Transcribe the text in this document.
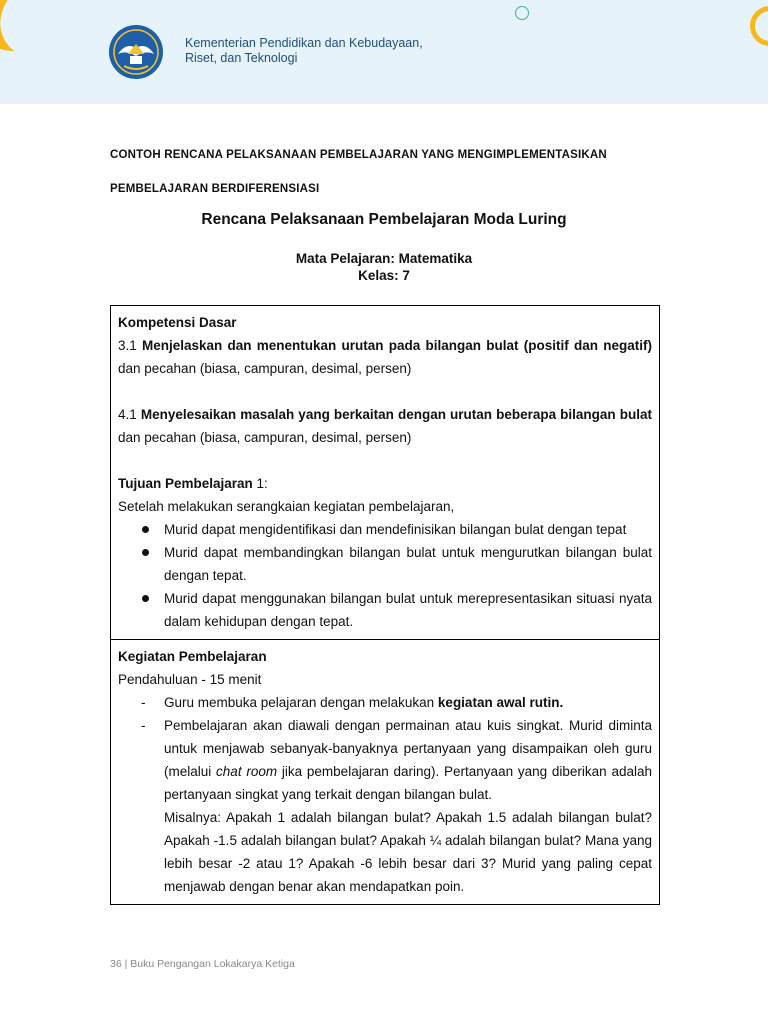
Kementerian Pendidikan dan Kebudayaan,
Riset, dan Teknologi
CONTOH RENCANA PELAKSANAAN PEMBELAJARAN YANG MENGIMPLEMENTASIKAN
PEMBELAJARAN BERDIFERENSIASI
Rencana Pelaksanaan Pembelajaran Moda Luring
Mata Pelajaran: Matematika
Kelas: 7
Kompetensi Dasar
3.1 Menjelaskan dan menentukan urutan pada bilangan bulat (positif dan negatif) dan pecahan (biasa, campuran, desimal, persen)
4.1 Menyelesaikan masalah yang berkaitan dengan urutan beberapa bilangan bulat dan pecahan (biasa, campuran, desimal, persen)
Tujuan Pembelajaran 1:
Setelah melakukan serangkaian kegiatan pembelajaran,
Murid dapat mengidentifikasi dan mendefinisikan bilangan bulat dengan tepat
Murid dapat membandingkan bilangan bulat untuk mengurutkan bilangan bulat dengan tepat.
Murid dapat menggunakan bilangan bulat untuk merepresentasikan situasi nyata dalam kehidupan dengan tepat.
Kegiatan Pembelajaran
Pendahuluan - 15 menit
- Guru membuka pelajaran dengan melakukan kegiatan awal rutin.
- Pembelajaran akan diawali dengan permainan atau kuis singkat. Murid diminta untuk menjawab sebanyak-banyaknya pertanyaan yang disampaikan oleh guru (melalui chat room jika pembelajaran daring). Pertanyaan yang diberikan adalah pertanyaan singkat yang terkait dengan bilangan bulat.
Misalnya: Apakah 1 adalah bilangan bulat? Apakah 1.5 adalah bilangan bulat? Apakah -1.5 adalah bilangan bulat? Apakah ¼ adalah bilangan bulat? Mana yang lebih besar -2 atau 1? Apakah -6 lebih besar dari 3? Murid yang paling cepat menjawab dengan benar akan mendapatkan poin.
36 | Buku Pengangan Lokakarya Ketiga
